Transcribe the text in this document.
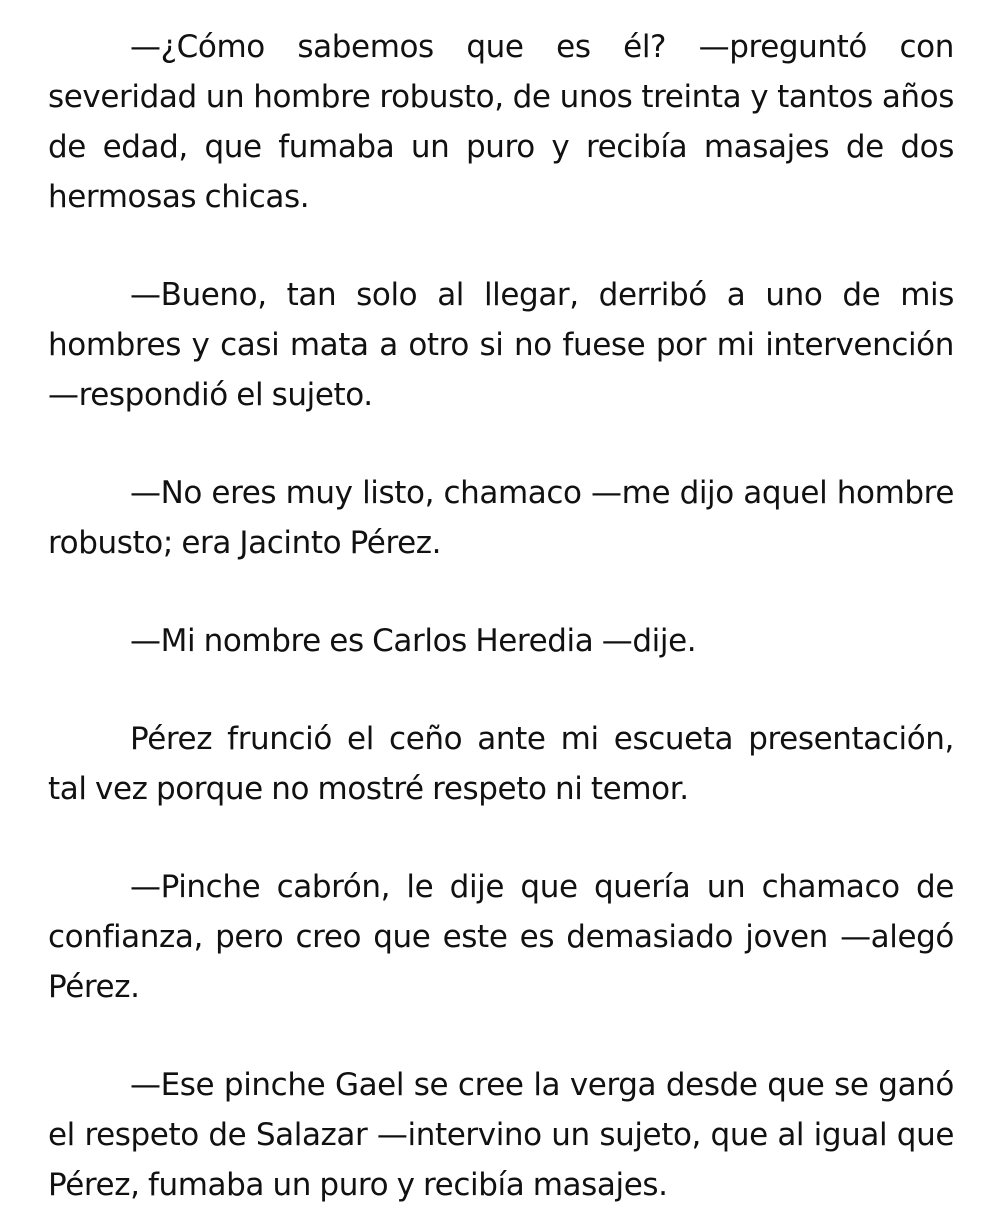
—¿Cómo sabemos que es él? —preguntó con severidad un hombre robusto, de unos treinta y tantos años de edad, que fumaba un puro y recibía masajes de dos hermosas chicas.

—Bueno, tan solo al llegar, derribó a uno de mis hombres y casi mata a otro si no fuese por mi intervención —respondió el sujeto.

—No eres muy listo, chamaco —me dijo aquel hombre robusto; era Jacinto Pérez.

—Mi nombre es Carlos Heredia —dije.

Pérez frunció el ceño ante mi escueta presentación, tal vez porque no mostré respeto ni temor.

—Pinche cabrón, le dije que quería un chamaco de confianza, pero creo que este es demasiado joven —alegó Pérez.

—Ese pinche Gael se cree la verga desde que se ganó el respeto de Salazar —intervino un sujeto, que al igual que Pérez, fumaba un puro y recibía masajes.
